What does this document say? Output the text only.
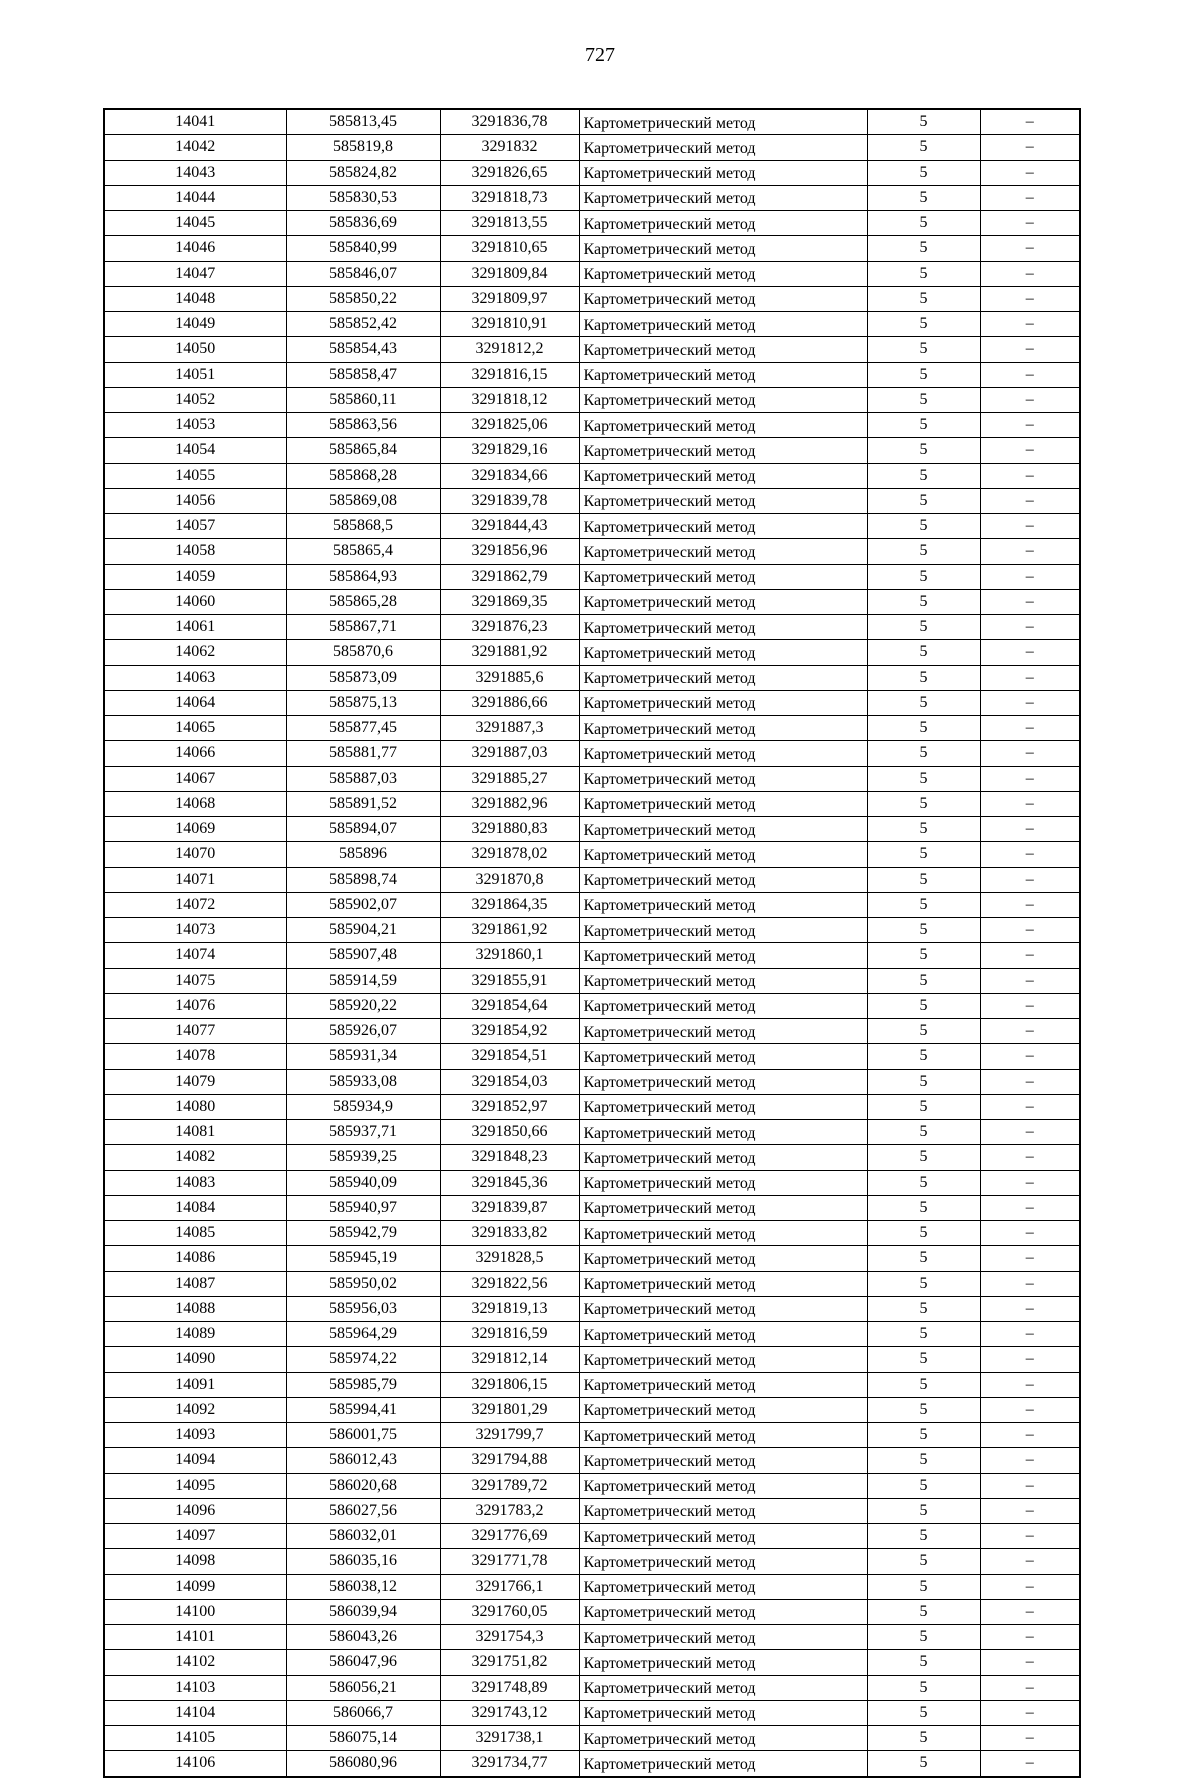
727
14041	585813,45	3291836,78	Картометрический метод	5	–
14042	585819,8	3291832	Картометрический метод	5	–
14043	585824,82	3291826,65	Картометрический метод	5	–
14044	585830,53	3291818,73	Картометрический метод	5	–
14045	585836,69	3291813,55	Картометрический метод	5	–
14046	585840,99	3291810,65	Картометрический метод	5	–
14047	585846,07	3291809,84	Картометрический метод	5	–
14048	585850,22	3291809,97	Картометрический метод	5	–
14049	585852,42	3291810,91	Картометрический метод	5	–
14050	585854,43	3291812,2	Картометрический метод	5	–
14051	585858,47	3291816,15	Картометрический метод	5	–
14052	585860,11	3291818,12	Картометрический метод	5	–
14053	585863,56	3291825,06	Картометрический метод	5	–
14054	585865,84	3291829,16	Картометрический метод	5	–
14055	585868,28	3291834,66	Картометрический метод	5	–
14056	585869,08	3291839,78	Картометрический метод	5	–
14057	585868,5	3291844,43	Картометрический метод	5	–
14058	585865,4	3291856,96	Картометрический метод	5	–
14059	585864,93	3291862,79	Картометрический метод	5	–
14060	585865,28	3291869,35	Картометрический метод	5	–
14061	585867,71	3291876,23	Картометрический метод	5	–
14062	585870,6	3291881,92	Картометрический метод	5	–
14063	585873,09	3291885,6	Картометрический метод	5	–
14064	585875,13	3291886,66	Картометрический метод	5	–
14065	585877,45	3291887,3	Картометрический метод	5	–
14066	585881,77	3291887,03	Картометрический метод	5	–
14067	585887,03	3291885,27	Картометрический метод	5	–
14068	585891,52	3291882,96	Картометрический метод	5	–
14069	585894,07	3291880,83	Картометрический метод	5	–
14070	585896	3291878,02	Картометрический метод	5	–
14071	585898,74	3291870,8	Картометрический метод	5	–
14072	585902,07	3291864,35	Картометрический метод	5	–
14073	585904,21	3291861,92	Картометрический метод	5	–
14074	585907,48	3291860,1	Картометрический метод	5	–
14075	585914,59	3291855,91	Картометрический метод	5	–
14076	585920,22	3291854,64	Картометрический метод	5	–
14077	585926,07	3291854,92	Картометрический метод	5	–
14078	585931,34	3291854,51	Картометрический метод	5	–
14079	585933,08	3291854,03	Картометрический метод	5	–
14080	585934,9	3291852,97	Картометрический метод	5	–
14081	585937,71	3291850,66	Картометрический метод	5	–
14082	585939,25	3291848,23	Картометрический метод	5	–
14083	585940,09	3291845,36	Картометрический метод	5	–
14084	585940,97	3291839,87	Картометрический метод	5	–
14085	585942,79	3291833,82	Картометрический метод	5	–
14086	585945,19	3291828,5	Картометрический метод	5	–
14087	585950,02	3291822,56	Картометрический метод	5	–
14088	585956,03	3291819,13	Картометрический метод	5	–
14089	585964,29	3291816,59	Картометрический метод	5	–
14090	585974,22	3291812,14	Картометрический метод	5	–
14091	585985,79	3291806,15	Картометрический метод	5	–
14092	585994,41	3291801,29	Картометрический метод	5	–
14093	586001,75	3291799,7	Картометрический метод	5	–
14094	586012,43	3291794,88	Картометрический метод	5	–
14095	586020,68	3291789,72	Картометрический метод	5	–
14096	586027,56	3291783,2	Картометрический метод	5	–
14097	586032,01	3291776,69	Картометрический метод	5	–
14098	586035,16	3291771,78	Картометрический метод	5	–
14099	586038,12	3291766,1	Картометрический метод	5	–
14100	586039,94	3291760,05	Картометрический метод	5	–
14101	586043,26	3291754,3	Картометрический метод	5	–
14102	586047,96	3291751,82	Картометрический метод	5	–
14103	586056,21	3291748,89	Картометрический метод	5	–
14104	586066,7	3291743,12	Картометрический метод	5	–
14105	586075,14	3291738,1	Картометрический метод	5	–
14106	586080,96	3291734,77	Картометрический метод	5	–
